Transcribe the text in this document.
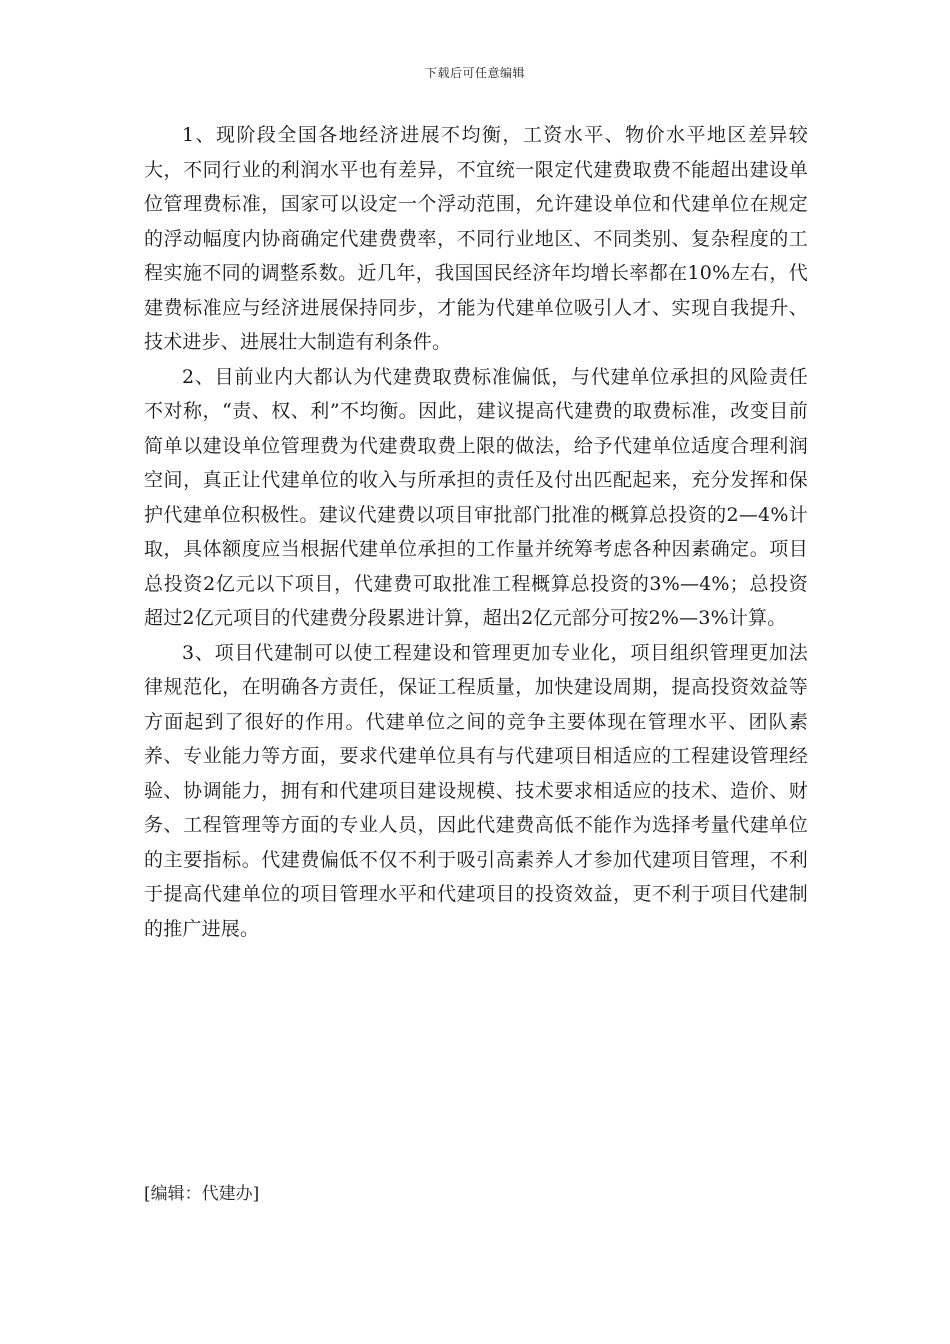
下载后可任意编辑

1、现阶段全国各地经济进展不均衡，工资水平、物价水平地区差异较大，不同行业的利润水平也有差异，不宜统一限定代建费取费不能超出建设单位管理费标准，国家可以设定一个浮动范围，允许建设单位和代建单位在规定的浮动幅度内协商确定代建费费率，不同行业地区、不同类别、复杂程度的工程实施不同的调整系数。近几年，我国国民经济年均增长率都在10%左右，代建费标准应与经济进展保持同步，才能为代建单位吸引人才、实现自我提升、技术进步、进展壮大制造有利条件。

2、目前业内大都认为代建费取费标准偏低，与代建单位承担的风险责任不对称，“责、权、利”不均衡。因此，建议提高代建费的取费标准，改变目前简单以建设单位管理费为代建费取费上限的做法，给予代建单位适度合理利润空间，真正让代建单位的收入与所承担的责任及付出匹配起来，充分发挥和保护代建单位积极性。建议代建费以项目审批部门批准的概算总投资的2—4%计取，具体额度应当根据代建单位承担的工作量并统筹考虑各种因素确定。项目总投资2亿元以下项目，代建费可取批准工程概算总投资的3%—4%；总投资超过2亿元项目的代建费分段累进计算，超出2亿元部分可按2%—3%计算。

3、项目代建制可以使工程建设和管理更加专业化，项目组织管理更加法律规范化，在明确各方责任，保证工程质量，加快建设周期，提高投资效益等方面起到了很好的作用。代建单位之间的竞争主要体现在管理水平、团队素养、专业能力等方面，要求代建单位具有与代建项目相适应的工程建设管理经验、协调能力，拥有和代建项目建设规模、技术要求相适应的技术、造价、财务、工程管理等方面的专业人员，因此代建费高低不能作为选择考量代建单位的主要指标。代建费偏低不仅不利于吸引高素养人才参加代建项目管理，不利于提高代建单位的项目管理水平和代建项目的投资效益，更不利于项目代建制的推广进展。

[编辑：代建办]
